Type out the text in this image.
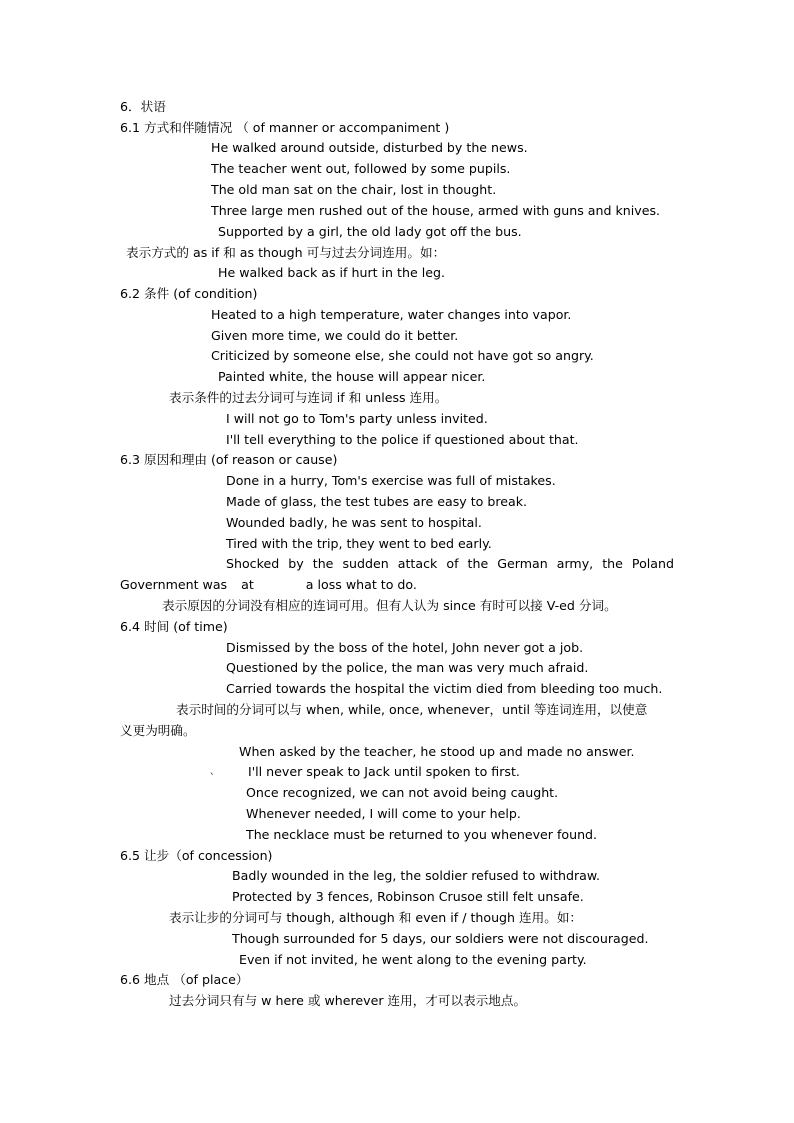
6．状语
6.1 方式和伴随情况 （ of manner or accompaniment )
He walked around outside, disturbed by the news.
The teacher went out, followed by some pupils.
The old man sat on the chair, lost in thought.
Three large men rushed out of the house, armed with guns and knives.
Supported by a girl, the old lady got off the bus.
表示方式的 as if 和 as though 可与过去分词连用。如：
He walked back as if hurt in the leg.
6.2 条件 (of condition)
Heated to a high temperature, water changes into vapor.
Given more time, we could do it better.
Criticized by someone else, she could not have got so angry.
Painted white, the house will appear nicer.
表示条件的过去分词可与连词 if 和 unless 连用。
I will not go to Tom's party unless invited.
I'll tell everything to the police if questioned about that.
6.3 原因和理由 (of reason or cause)
Done in a hurry, Tom's exercise was full of mistakes.
Made of glass, the test tubes are easy to break.
Wounded badly, he was sent to hospital.
Tired with the trip, they went to bed early.
Shocked by the sudden attack of the German army, the Poland
Government was at	a loss what to do.
表示原因的分词没有相应的连词可用。但有人认为 since 有时可以接 V-ed 分词。
6.4 时间 (of time)
Dismissed by the boss of the hotel, John never got a job.
Questioned by the police, the man was very much afraid.
Carried towards the hospital the victim died from bleeding too much.
表示时间的分词可以与 when, while, once, whenever，until 等连词连用，以使意
义更为明确。
When asked by the teacher, he stood up and made no answer.
、 I'll never speak to Jack until spoken to first.
Once recognized, we can not avoid being caught.
Whenever needed, I will come to your help.
The necklace must be returned to you whenever found.
6.5 让步（of concession)
Badly wounded in the leg, the soldier refused to withdraw.
Protected by 3 fences, Robinson Crusoe still felt unsafe.
表示让步的分词可与 though, although 和 even if / though 连用。如：
Though surrounded for 5 days, our soldiers were not discouraged.
Even if not invited, he went along to the evening party.
6.6 地点 （of place）
过去分词只有与 w here 或 wherever 连用，才可以表示地点。
